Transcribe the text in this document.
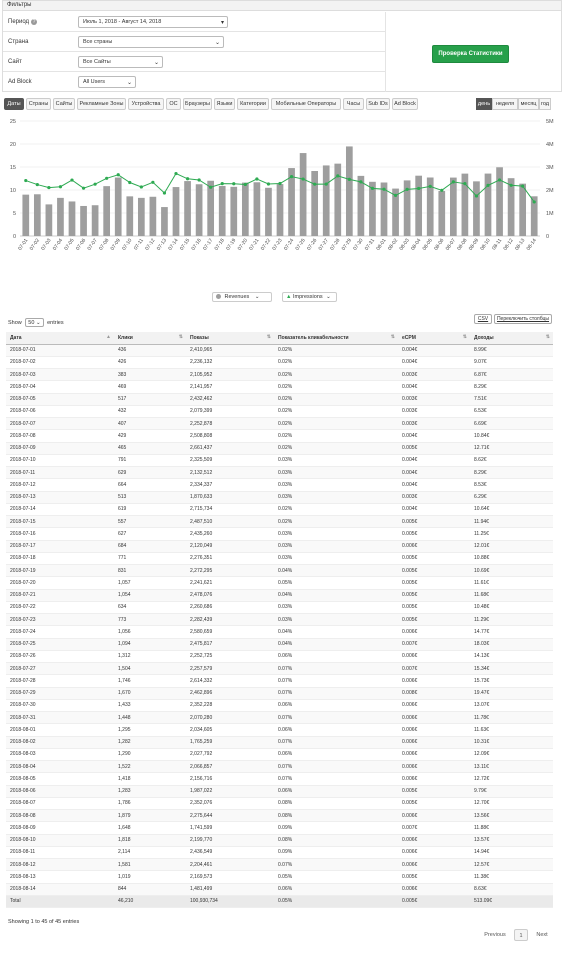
Фильтры
Период ?	Июль 1, 2018 - Август 14, 2018	▾
Страна	Все страны	⌄
Сайт	Все Сайты	⌄
Ad Block	All Users	⌄
Проверка Статистики
Даты	Страны	Сайты	Рекламные Зоны	Устройства	ОС	Браузеры	Языки	Категории	Мобильные Операторы	Часы	Sub IDs	Ad Block	день	неделя	месяц год
0	0
5	1M
10	2M
15	3M
20	4M
25	5M
07-01 07-02 07-03 07-04 07-05 07-06 07-07 07-08 07-09 07-10 07-11 07-12 07-13 07-14 07-15 07-16 07-17 07-18 07-19 07-20 07-21 07-22 07-23 07-24 07-25 07-26 07-27 07-28 07-29 07-30 07-31 08-01 08-02 08-03 08-04 08-05 08-06 08-07 08-08 08-09 08-10 08-11 08-12 08-13 08-14
Revenues ⌄	▲ Impressions ⌄
Show 50 ⌄ entries
CSV	Переключить столбцы
Дата ▲	Клики ⇅	Показы ⇅	Показатель кликабельности ⇅	eCPM ⇅	Доходы ⇅

2018-07-01	436	2,410,965	0.02%	0.004€	8.99€
2018-07-02	426	2,236,132	0.02%	0.004€	9.07€
2018-07-03	383	2,105,952	0.02%	0.003€	6.87€
2018-07-04	469	2,141,957	0.02%	0.004€	8.29€
2018-07-05	517	2,432,462	0.02%	0.003€	7.51€
2018-07-06	432	2,079,399	0.02%	0.003€	6.53€
2018-07-07	407	2,252,878	0.02%	0.003€	6.69€
2018-07-08	429	2,508,808	0.02%	0.004€	10.84€
2018-07-09	465	2,661,437	0.02%	0.005€	12.71€
2018-07-10	791	2,325,509	0.03%	0.004€	8.62€
2018-07-11	629	2,132,512	0.03%	0.004€	8.29€
2018-07-12	664	2,334,337	0.03%	0.004€	8.53€
2018-07-13	513	1,870,633	0.03%	0.003€	6.29€
2018-07-14	619	2,715,734	0.02%	0.004€	10.64€
2018-07-15	557	2,487,510	0.02%	0.005€	11.94€
2018-07-16	627	2,435,260	0.03%	0.005€	11.25€
2018-07-17	684	2,120,049	0.03%	0.006€	12.01€
2018-07-18	771	2,276,351	0.03%	0.005€	10.88€
2018-07-19	831	2,272,295	0.04%	0.005€	10.69€
2018-07-20	1,057	2,241,621	0.05%	0.005€	11.61€
2018-07-21	1,054	2,478,076	0.04%	0.005€	11.68€
2018-07-22	634	2,260,686	0.03%	0.005€	10.48€
2018-07-23	773	2,282,439	0.03%	0.005€	11.29€
2018-07-24	1,056	2,580,659	0.04%	0.006€	14.77€
2018-07-25	1,094	2,475,817	0.04%	0.007€	18.03€
2018-07-26	1,312	2,252,725	0.06%	0.006€	14.13€
2018-07-27	1,504	2,257,579	0.07%	0.007€	15.34€
2018-07-28	1,746	2,614,332	0.07%	0.006€	15.73€
2018-07-29	1,670	2,462,896	0.07%	0.008€	19.47€
2018-07-30	1,433	2,352,228	0.06%	0.006€	13.07€
2018-07-31	1,448	2,070,280	0.07%	0.006€	11.78€
2018-08-01	1,295	2,034,605	0.06%	0.006€	11.63€
2018-08-02	1,282	1,765,259	0.07%	0.006€	10.31€
2018-08-03	1,290	2,027,792	0.06%	0.006€	12.09€
2018-08-04	1,522	2,066,857	0.07%	0.006€	13.11€
2018-08-05	1,418	2,156,716	0.07%	0.006€	12.72€
2018-08-06	1,283	1,987,022	0.06%	0.005€	9.79€
2018-08-07	1,786	2,352,076	0.08%	0.005€	12.70€
2018-08-08	1,879	2,275,644	0.08%	0.006€	13.56€
2018-08-09	1,648	1,741,599	0.09%	0.007€	11.88€
2018-08-10	1,818	2,199,770	0.08%	0.006€	13.57€
2018-08-11	2,114	2,436,549	0.09%	0.006€	14.94€
2018-08-12	1,581	2,204,461	0.07%	0.006€	12.57€
2018-08-13	1,019	2,169,573	0.05%	0.005€	11.38€
2018-08-14	844	1,481,499	0.06%	0.006€	8.63€
Total	46,210	100,930,734	0.05%	0.005€	513.09€
Showing 1 to 45 of 45 entries
Previous	1	Next
